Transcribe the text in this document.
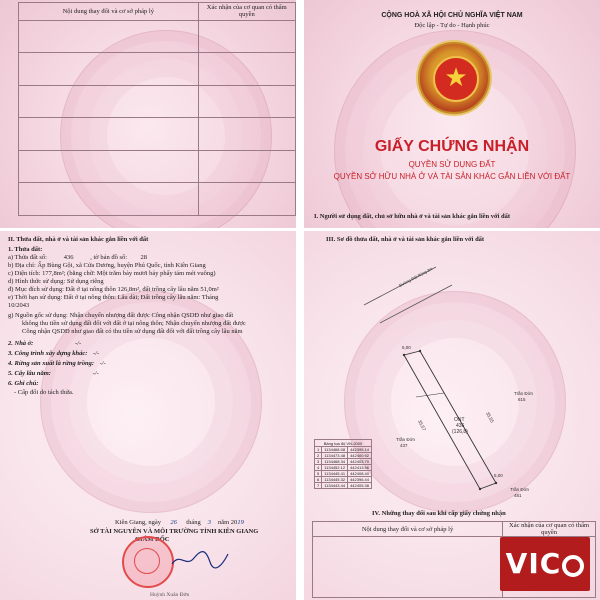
Nội dung thay đổi và cơ sở pháp lý	Xác nhận của cơ quan có thẩm quyền

		CỘNG HOÀ XÃ HỘI CHỦ NGHĨA VIỆT NAM
Độc lập - Tự do - Hạnh phúc
★
GIẤY CHỨNG NHẬN
QUYỀN SỬ DỤNG ĐẤT
QUYỀN SỞ HỮU NHÀ Ở VÀ TÀI SẢN KHÁC GẮN LIỀN VỚI ĐẤT
I. Người sử dụng đất, chủ sở hữu nhà ở và tài sản khác gắn liền với đất
II. Thửa đất, nhà ở và tài sản khác gắn liền với đất
1. Thửa đất:
a) Thửa đất số:	436	, tờ bản đồ số: 28
b) Địa chỉ: Ấp Bùng Gội, xã Cửa Dương, huyện Phú Quốc, tỉnh Kiên Giang
c) Diện tích: 177,8m²; (bằng chữ: Một trăm bảy mươi bảy phẩy tám mét vuông)
d) Hình thức sử dụng: Sử dụng riêng
đ) Mục đích sử dụng: Đất ở tại nông thôn 126,8m², đất trồng cây lâu năm 51,0m²
e) Thời hạn sử dụng: Đất ở tại nông thôn: Lâu dài; Đất trồng cây lâu năm: Tháng
10/2043
g) Nguồn gốc sử dụng: Nhận chuyển nhượng đất được Công nhận QSDĐ như giao đất
không thu tiền sử dụng đất đối với đất ở tại nông thôn; Nhận chuyển nhượng đất được
Công nhận QSDĐ như giao đất có thu tiền sử dụng đất đối với đất trồng cây lâu năm
2. Nhà ở:	-/-
3. Công trình xây dựng khác: -/-
4. Rừng sản xuất là rừng trồng: -/-
5. Cây lâu năm:	-/-
6. Ghi chú:
- Cấp đổi do tách thửa.
Kiên Giang, ngày 26 tháng 3 năm 2019
SỞ TÀI NGUYÊN VÀ MÔI TRƯỜNG TỈNH KIÊN GIANG
GIÁM ĐỐC
Huỳnh Xuân Đởn
III. Sơ đồ thửa đất, nhà ở và tài sản khác gắn liền với đất
Đường Đất Rộng 3m
ONT
436
(126,8)
35,57
35,55
5,00
5,00
Trần Đởn
815
Trần Đởn
437
Trần Đởn
481
Bảng tọa độ VN-2000		
1	1134468.08	442395.14
2	1134473.48	442400.92
3	1134468.34	442403.70
4	1134452.12	442413.56
5	1134445.41	442408.40
6	1134445.32	442396.44
7	1134443.44	442405.38
IV. Những thay đổi sau khi cấp giấy chứng nhận
Nội dung thay đổi và cơ sở pháp lý	Xác nhận của cơ quan có thẩm quyền

VIC
